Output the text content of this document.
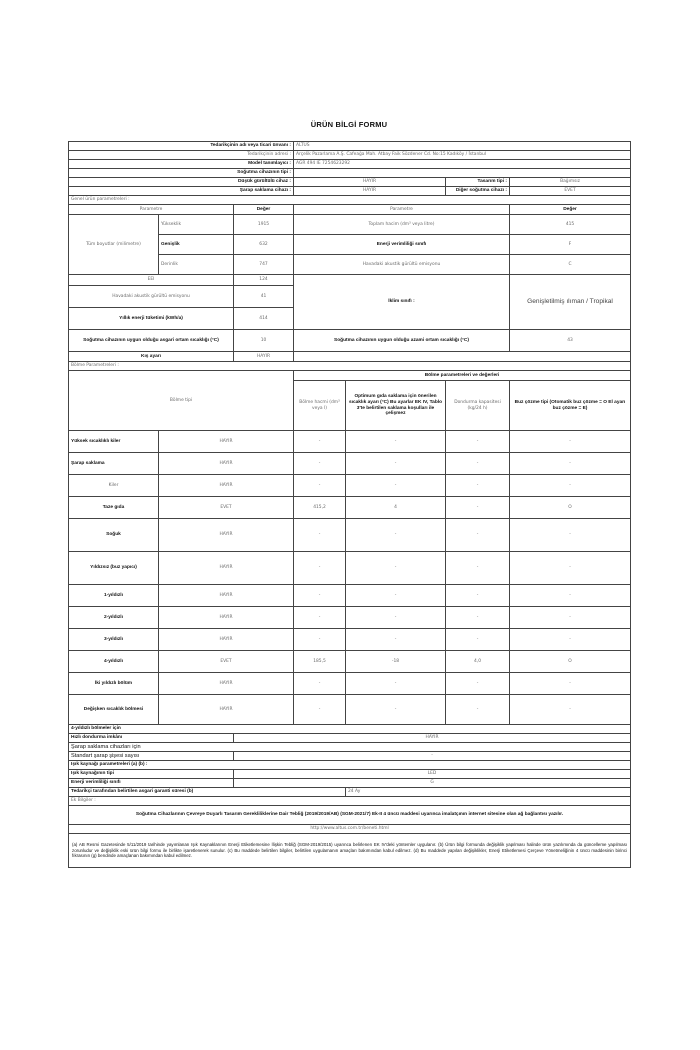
ÜRÜN BİLGİ FORMU
Tedarikçinin adı veya ticari ünvanı :			ALTUS			
Tedarikçinin adresi :			Arçelik Pazarlama A.Ş. Cafeağa Mah. Atbay Faik Sözdener Cd. No:15 Kadıköy / İstanbul			
Model tanımlayıcı :			AGR 494 IE 7254623292			
Soğutma cihazının tipi :						
Düşük gürültülü cihaz :			HAYIR		Tasarım tipi :	Bağımsız
Şarap saklama cihazı :			HAYIR		Diğer soğutma cihazı :	EVET
Genel ürün parametreleri :						
Parametre		Değer	Parametre			Değer
Tüm boyutlar (milimetre)	Yükseklik	1915	Toplam hacim (dm³ veya litre)			415
	Genişlik	632	Enerji verimliliği sınıfı			F
	Derinlik	747	Havadaki akustik gürültü emisyonu			C
EEI		124	İklim sınıfı :			Genişletilmiş ılıman / Tropikal
Havadaki akustik gürültü emisyonu		41				
Yıllık enerji tüketimi (kWh/a)		414				
Soğutma cihazının uygun olduğu asgari ortam sıcaklığı (°C)		10	Soğutma cihazının uygun olduğu azami ortam sıcaklığı (°C)			43
Kış ayarı		HAYIR				
Bölme Parametreleri :						
Bölme tipi			Bölme parametreleri ve değerleri			
			Bölme hacmi (dm³ veya l)	Optimum gıda saklama için önerilen sıcaklık ayarı (°C) Bu ayarlar EK IV, Tablo 3'te belirtilen saklama koşulları ile çelişmez	Dondurma kapasitesi (kg/24 h)	Buz çözme tipi (Otomatik buz çözme = O El ayarı buz çözme = E)
Yüksek sıcaklıklı kiler	HAYIR		-	-	-	-
Şarap saklama	HAYIR		-	-	-	-
Kiler	HAYIR		-	-	-	-
Taze gıda	EVET		415,2	4	-	O
Soğuk	HAYIR		-	-	-	-
Yıldızsız (buz yapıcı)	HAYIR		-	-	-	-
1-yıldızlı	HAYIR		-	-	-	-
2-yıldızlı	HAYIR		-	-	-	-
3-yıldızlı	HAYIR		-	-	-	-
4-yıldızlı	EVET		185,5	-18	4,0	O
İki yıldızlı bölüm	HAYIR		-	-	-	-
Değişken sıcaklık bölmesi	HAYIR		-	-	-	-
4-yıldızlı bölmeler için						
Hızlı dondurma imkânı		HAYIR				
Şarap saklama cihazları için						
Standart şarap şişesi sayısı		-				
Işık kaynağı parametreleri (a) (b) :						
Işık kaynağının tipi		LED				
Enerji verimliliği sınıfı		G				
Tedarikçi tarafından belirtilen asgari garanti süresi (b)				24 Ay		
Ek Bilgiler :						
Soğutma Cihazlarının Çevreye Duyarlı Tasarım Gerekliliklerine Dair Tebliğ (2019/2019/AB) (SGM-2021/7) Ek-II 4 üncü maddesi uyarınca imalatçının internet sitesine olan ağ bağlantısı yazılır.						
http://www.altus.com.tr/beneti.html						
(a) AB Resmi Gazetesinde 5/11/2019 tarihinde yayımlanan Işık Kaynaklarının Enerji Etiketlemesine İlişkin Tebliğ (SGM-2019/2015) uyarınca belirlenen EK IV'deki yöntemler uygulanır. (b) Ürün bilgi formunda değişiklik yapılması halinde ürün yazılımında da güncelleme yapılması zorunludur ve değişiklik eski ürün bilgi formu ile birlikte işaretlenerek sunulur. (c) Bu maddede belirtilen bilgiler, belirtilen uygulamanın amaçları bakımından kabul edilmez. (d) Bu maddede yapılan değişiklikler, Enerji Etiketlemesi Çerçeve Yönetmeliğinin 4 üncü maddesinin birinci fıkrasının (g) bendinde amaçlanan bakımından kabul edilmez.						
